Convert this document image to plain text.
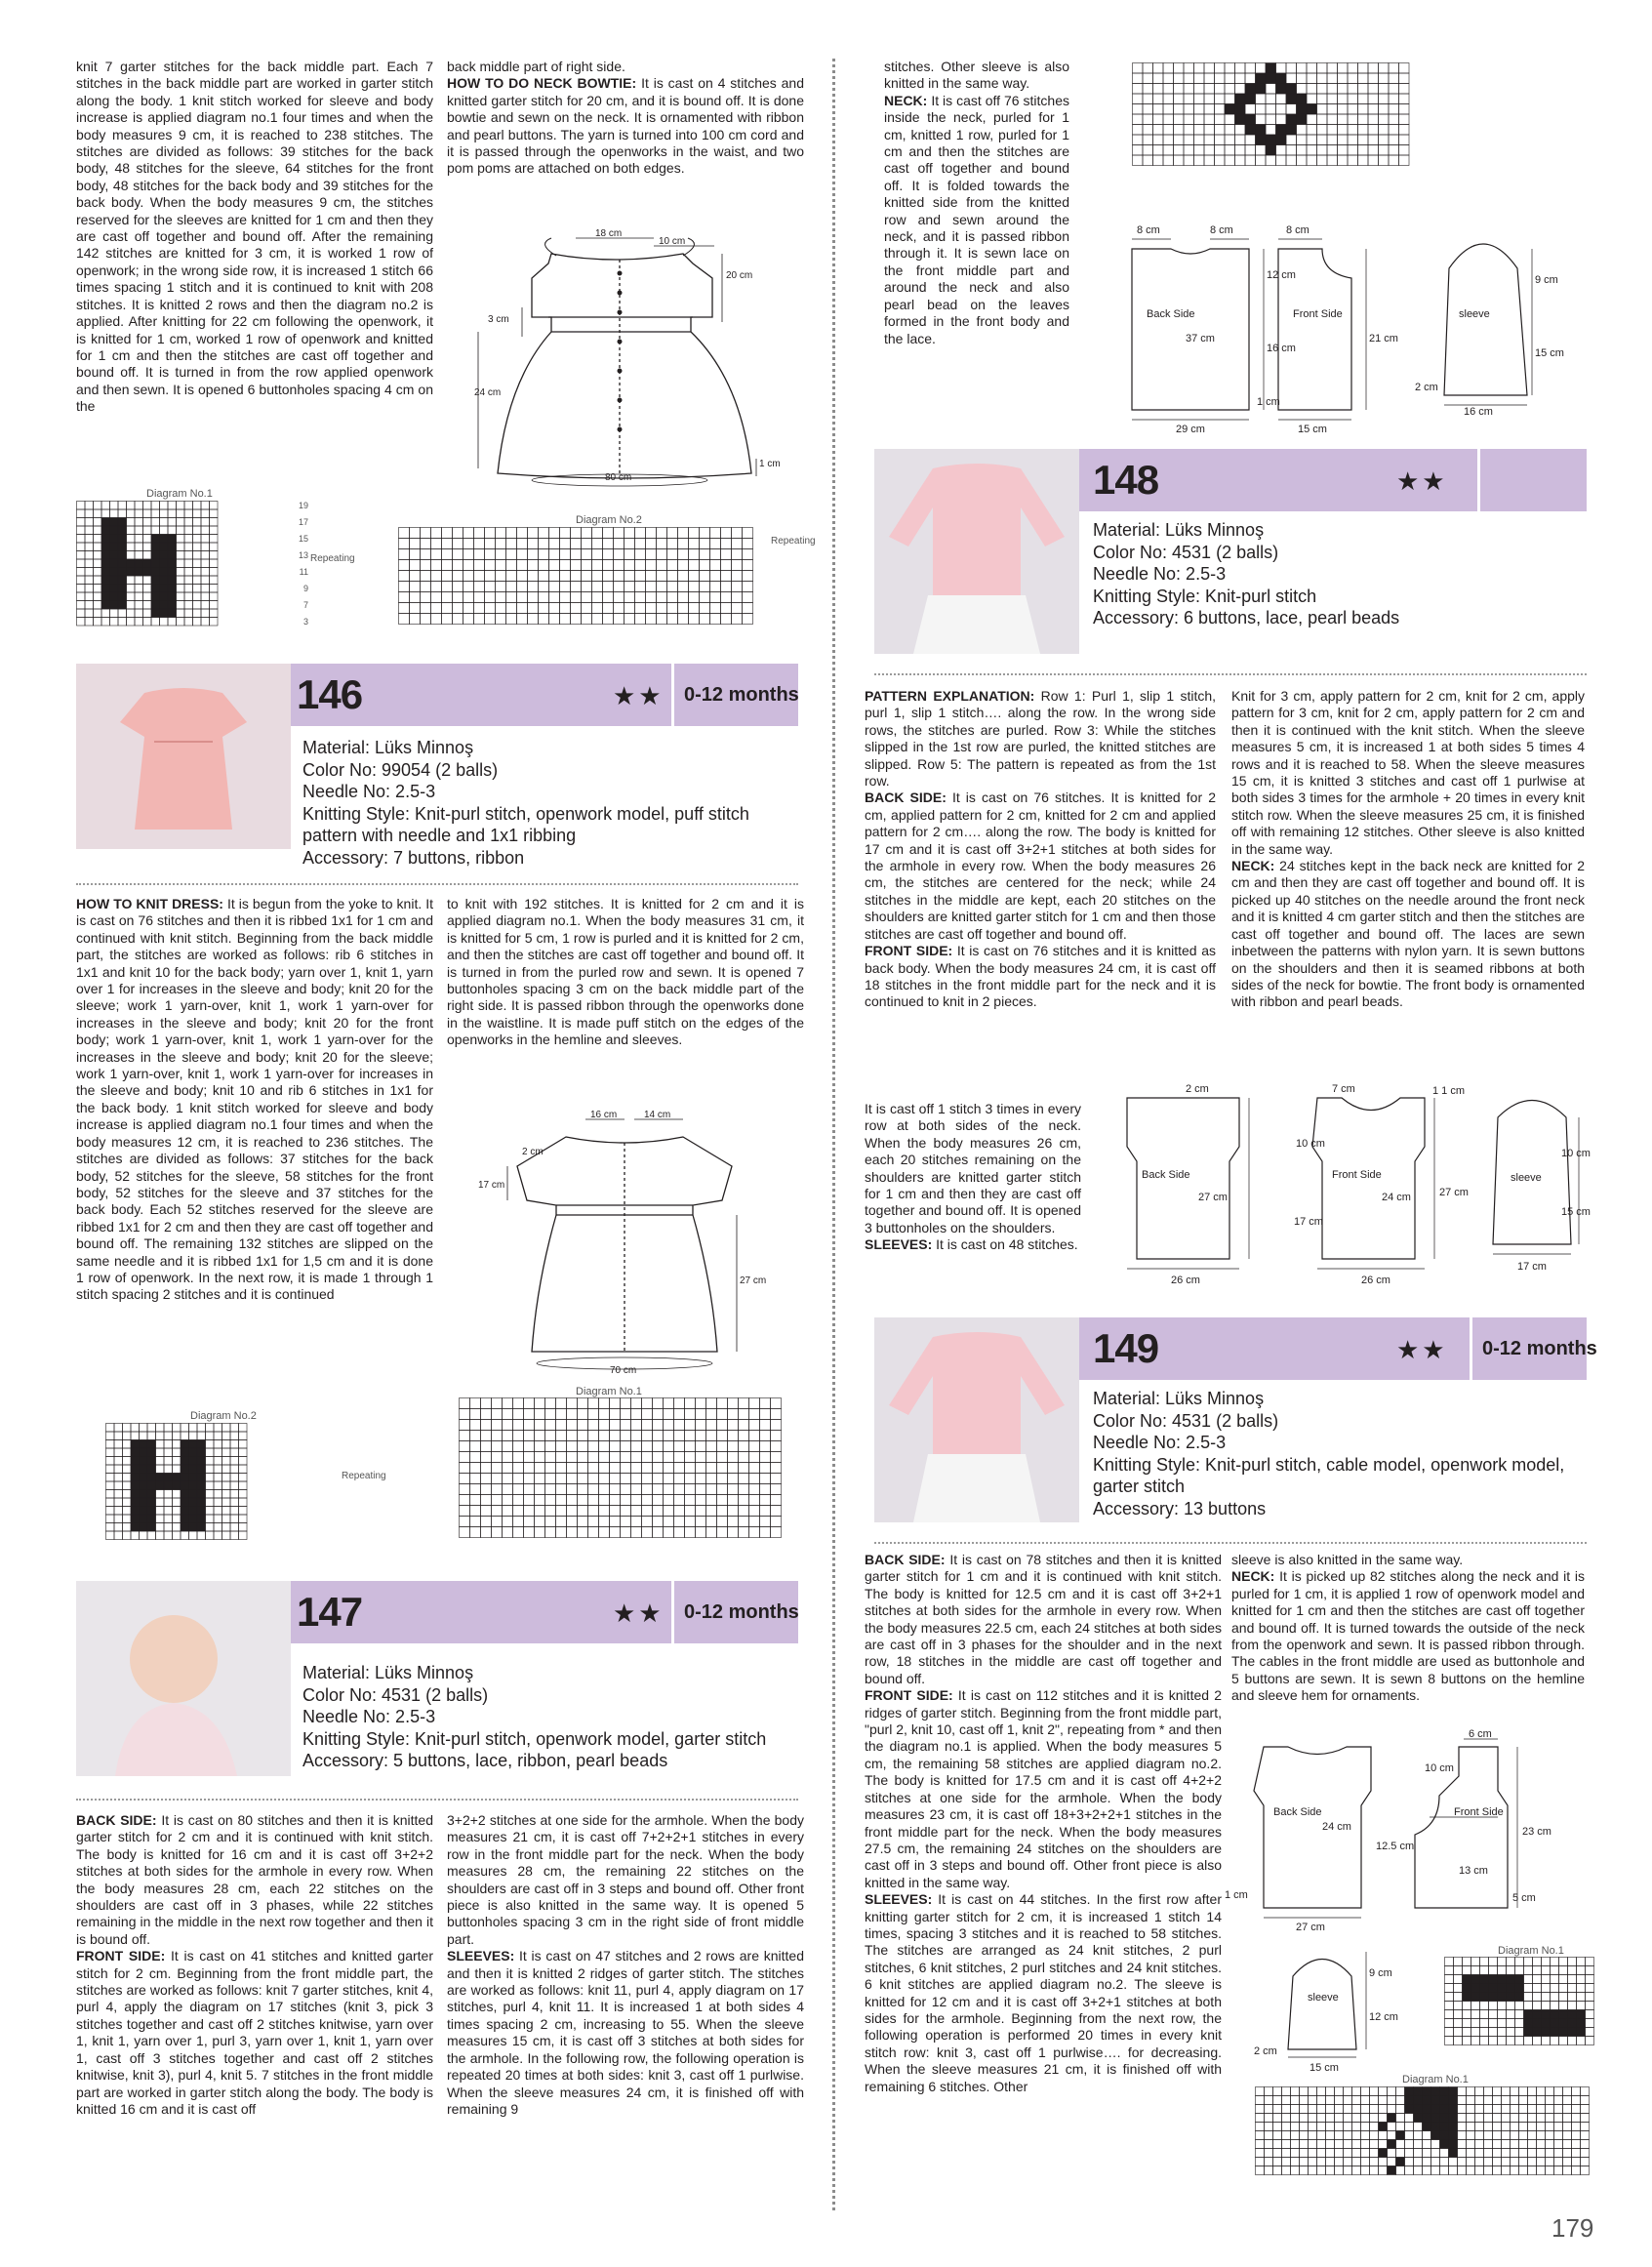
knit 7 garter stitches for the back middle part. Each 7 stitches in the back middle part are worked in garter stitch along the body. 1 knit stitch worked for sleeve and body increase is applied diagram no.1 four times and when the body measures 9 cm, it is reached to 238 stitches. The stitches are divided as follows: 39 stitches for the back body, 48 stitches for the sleeve, 64 stitches for the front body, 48 stitches for the back body and 39 stitches for the back body. When the body measures 9 cm, the stitches reserved for the sleeves are knitted for 1 cm and then they are cast off together and bound off. After the remaining 142 stitches are knitted for 3 cm, it is worked 1 row of openwork; in the wrong side row, it is increased 1 stitch 66 times spacing 1 stitch and it is continued to knit with 208 stitches. It is knitted 2 rows and then the diagram no.2 is applied. After knitting for 22 cm following the openwork, it is knitted for 1 cm, worked 1 row of openwork and knitted for 1 cm and then the stitches are cast off together and bound off. It is turned in from the row applied openwork and then sewn. It is opened 6 buttonholes spacing 4 cm on the

back middle part of right side.

HOW TO DO NECK BOWTIE: It is cast on 4 stitches and knitted garter stitch for 20 cm, and it is bound off. It is done bowtie and sewn on the neck. It is ornamented with ribbon and pearl buttons. The yarn is turned into 100 cm cord and it is passed through the openworks in the waist, and two pom poms are attached on both edges.

18 cm
10 cm
20 cm
3 cm
24 cm
1 cm
80 cm
Diagram No.1
19
17
15
13
11
9
7
3
Repeating
Diagram No.2
Repeating

stitches. Other sleeve is also knitted in the same way.

NECK: It is cast off 76 stitches inside the neck, purled for 1 cm, knitted 1 row, purled for 1 cm and then the stitches are cast off together and bound off. It is folded towards the knitted side from the knitted row and sewn around the neck, and it is passed ribbon through it. It is sewn lace on the front middle part and around the neck and also pearl bead on the leaves formed in the front body and the lace.

8 cm	8 cm	8 cm
Back Side	Front Side	sleeve
12 cm
37 cm
16 cm
21 cm
1 cm
29 cm	15 cm
9 cm
15 cm
2 cm
16 cm
146	★★	0-12 months
Material: Lüks Minnoş
Color No: 99054 (2 balls)
Needle No: 2.5-3
Knitting Style: Knit-purl stitch, openwork model, puff stitch
pattern with needle and 1x1 ribbing
Accessory: 7 buttons, ribbon

HOW TO KNIT DRESS: It is begun from the yoke to knit. It is cast on 76 stitches and then it is ribbed 1x1 for 1 cm and continued with knit stitch. Beginning from the back middle part, the stitches are worked as follows: rib 6 stitches in 1x1 and knit 10 for the back body; yarn over 1, knit 1, yarn over 1 for increases in the sleeve and body; knit 20 for the sleeve; work 1 yarn-over, knit 1, work 1 yarn-over for increases in the sleeve and body; knit 20 for the front body; work 1 yarn-over, knit 1, work 1 yarn-over for the increases in the sleeve and body; knit 20 for the sleeve; work 1 yarn-over, knit 1, work 1 yarn-over for increases in the sleeve and body; knit 10 and rib 6 stitches in 1x1 for the back body. 1 knit stitch worked for sleeve and body increase is applied diagram no.1 four times and when the body measures 12 cm, it is reached to 236 stitches. The stitches are divided as follows: 37 stitches for the back body, 52 stitches for the sleeve, 58 stitches for the front body, 52 stitches for the sleeve and 37 stitches for the back body. Each 52 stitches reserved for the sleeve are ribbed 1x1 for 2 cm and then they are cast off together and bound off. The remaining 132 stitches are slipped on the same needle and it is ribbed 1x1 for 1,5 cm and it is done 1 row of openwork. In the next row, it is made 1 through 1 stitch spacing 2 stitches and it is continued

to knit with 192 stitches. It is knitted for 2 cm and it is applied diagram no.1. When the body measures 31 cm, it is knitted for 5 cm, 1 row is purled and it is knitted for 2 cm, and then the stitches are cast off together and bound off. It is turned in from the purled row and sewn. It is opened 7 buttonholes spacing 3 cm on the back middle part of the right side. It is passed ribbon through the openworks done in the waistline. It is made puff stitch on the edges of the openworks in the hemline and sleeves.

16 cm	14 cm
2 cm
17 cm
27 cm
70 cm
Diagram No.2
Repeating
Diagram No.1
147	★★	0-12 months
Material: Lüks Minnoş
Color No: 4531 (2 balls)
Needle No: 2.5-3
Knitting Style: Knit-purl stitch, openwork model, garter stitch
Accessory: 5 buttons, lace, ribbon, pearl beads

BACK SIDE: It is cast on 80 stitches and then it is knitted garter stitch for 2 cm and it is continued with knit stitch. The body is knitted for 16 cm and it is cast off 3+2+2 stitches at both sides for the armhole in every row. When the body measures 28 cm, each 22 stitches on the shoulders are cast off in 3 phases, while 22 stitches remaining in the middle in the next row together and then it is bound off.

FRONT SIDE: It is cast on 41 stitches and knitted garter stitch for 2 cm. Beginning from the front middle part, the stitches are worked as follows: knit 7 garter stitches, knit 4, purl 4, apply the diagram on 17 stitches (knit 3, pick 3 stitches together and cast off 2 stitches knitwise, yarn over 1, knit 1, yarn over 1, purl 3, yarn over 1, knit 1, yarn over 1, cast off 3 stitches together and cast off 2 stitches knitwise, knit 3), purl 4, knit 5. 7 stitches in the front middle part are worked in garter stitch along the body. The body is knitted 16 cm and it is cast off

3+2+2 stitches at one side for the armhole. When the body measures 21 cm, it is cast off 7+2+2+1 stitches in every row in the front middle part for the neck. When the body measures 28 cm, the remaining 22 stitches on the shoulders are cast off in 3 steps and bound off. Other front piece is also knitted in the same way. It is opened 5 buttonholes spacing 3 cm in the right side of front middle part.

SLEEVES: It is cast on 47 stitches and 2 rows are knitted and then it is knitted 2 ridges of garter stitch. The stitches are worked as follows: knit 11, purl 4, apply diagram on 17 stitches, purl 4, knit 11. It is increased 1 at both sides 4 times spacing 2 cm, increasing to 55. When the sleeve measures 15 cm, it is cast off 3 stitches at both sides for the armhole. In the following row, the following operation is repeated 20 times at both sides: knit 3, cast off 1 purlwise. When the sleeve measures 24 cm, it is finished off with remaining 9

148	★★
Material: Lüks Minnoş
Color No: 4531 (2 balls)
Needle No: 2.5-3
Knitting Style: Knit-purl stitch
Accessory: 6 buttons, lace, pearl beads

PATTERN EXPLANATION: Row 1: Purl 1, slip 1 stitch, purl 1, slip 1 stitch…. along the row. In the wrong side rows, the stitches are purled. Row 3: While the stitches slipped in the 1st row are purled, the knitted stitches are slipped. Row 5: The pattern is repeated as from the 1st row.

BACK SIDE: It is cast on 76 stitches. It is knitted for 2 cm, applied pattern for 2 cm, knitted for 2 cm and applied pattern for 2 cm…. along the row. The body is knitted for 17 cm and it is cast off 3+2+1 stitches at both sides for the armhole in every row. When the body measures 26 cm, the stitches are centered for the neck; while 24 stitches in the middle are kept, each 20 stitches on the shoulders are knitted garter stitch for 1 cm and then those stitches are cast off together and bound off.

FRONT SIDE: It is cast on 76 stitches and it is knitted as back body. When the body measures 24 cm, it is cast off 18 stitches in the front middle part for the neck and it is continued to knit in 2 pieces.

It is cast off 1 stitch 3 times in every row at both sides of the neck. When the body measures 26 cm, each 20 stitches remaining on the shoulders are knitted garter stitch for 1 cm and then they are cast off together and bound off. It is opened 3 buttonholes on the shoulders.

SLEEVES: It is cast on 48 stitches.

Knit for 3 cm, apply pattern for 2 cm, knit for 2 cm, apply pattern for 3 cm, knit for 2 cm, apply pattern for 2 cm and then it is continued with the knit stitch. When the sleeve measures 5 cm, it is increased 1 at both sides 5 times 4 rows and it is reached to 58. When the sleeve measures 15 cm, it is knitted 3 stitches and cast off 1 purlwise at both sides 3 times for the armhole + 20 times in every knit stitch row. When the sleeve measures 25 cm, it is finished off with remaining 12 stitches. Other sleeve is also knitted in the same way.

NECK: 24 stitches kept in the back neck are knitted for 2 cm and then they are cast off together and bound off. It is picked up 40 stitches on the needle around the front neck and it is knitted 4 cm garter stitch and then the stitches are cast off together and bound off. The laces are sewn inbetween the patterns with nylon yarn. It is sewn buttons on the shoulders and then it is seamed ribbons at both sides of the neck for bowtie. The front body is ornamented with ribbon and pearl beads.

2 cm	7 cm	1 1 cm
10 cm
Back Side	Front Side	sleeve
27 cm	24 cm	27 cm
17 cm
10 cm
15 cm
26 cm	26 cm
17 cm
149	★★	0-12 months
Material: Lüks Minnoş
Color No: 4531 (2 balls)
Needle No: 2.5-3
Knitting Style: Knit-purl stitch, cable model, openwork model,
garter stitch
Accessory: 13 buttons

BACK SIDE: It is cast on 78 stitches and then it is knitted garter stitch for 1 cm and it is continued with knit stitch. The body is knitted for 12.5 cm and it is cast off 3+2+1 stitches at both sides for the armhole in every row. When the body measures 22.5 cm, each 24 stitches at both sides are cast off in 3 phases for the shoulder and in the next row, 18 stitches in the middle are cast off together and bound off.

FRONT SIDE: It is cast on 112 stitches and it is knitted 2 ridges of garter stitch. Beginning from the front middle part, "purl 2, knit 10, cast off 1, knit 2", repeating from * and then the diagram no.1 is applied. When the body measures 5 cm, the remaining 58 stitches are applied diagram no.2. The body is knitted for 17.5 cm and it is cast off 4+2+2 stitches at one side for the armhole. When the body measures 23 cm, it is cast off 18+3+2+2+1 stitches in the front middle part for the neck. When the body measures 27.5 cm, the remaining 24 stitches on the shoulders are cast off in 3 steps and bound off. Other front piece is also knitted in the same way.

SLEEVES: It is cast on 44 stitches. In the first row after knitting garter stitch for 2 cm, it is increased 1 stitch 14 times, spacing 3 stitches and it is reached to 58 stitches. The stitches are arranged as 24 knit stitches, 2 purl stitches, 6 knit stitches, 2 purl stitches and 24 knit stitches. 6 knit stitches are applied diagram no.2. The sleeve is knitted for 12 cm and it is cast off 3+2+1 stitches at both sides for the armhole. Beginning from the next row, the following operation is performed 20 times in every knit stitch row: knit 3, cast off 1 purlwise…. for decreasing. When the sleeve measures 21 cm, it is finished off with remaining 6 stitches. Other

sleeve is also knitted in the same way.

NECK: It is picked up 82 stitches along the neck and it is purled for 1 cm, it is applied 1 row of openwork model and knitted for 1 cm and then the stitches are cast off together and bound off. It is turned towards the outside of the neck from the openwork and sewn. It is passed ribbon through. The cables in the front middle are used as buttonhole and 5 buttons are sewn. It is sewn 8 buttons on the hemline and sleeve hem for ornaments.

6 cm
10 cm
Back Side	Front Side
24 cm
12.5 cm
23 cm
13 cm
1 cm
27 cm
5 cm
sleeve
9 cm
12 cm
2 cm
15 cm
Diagram No.1
Diagram No.1
179
